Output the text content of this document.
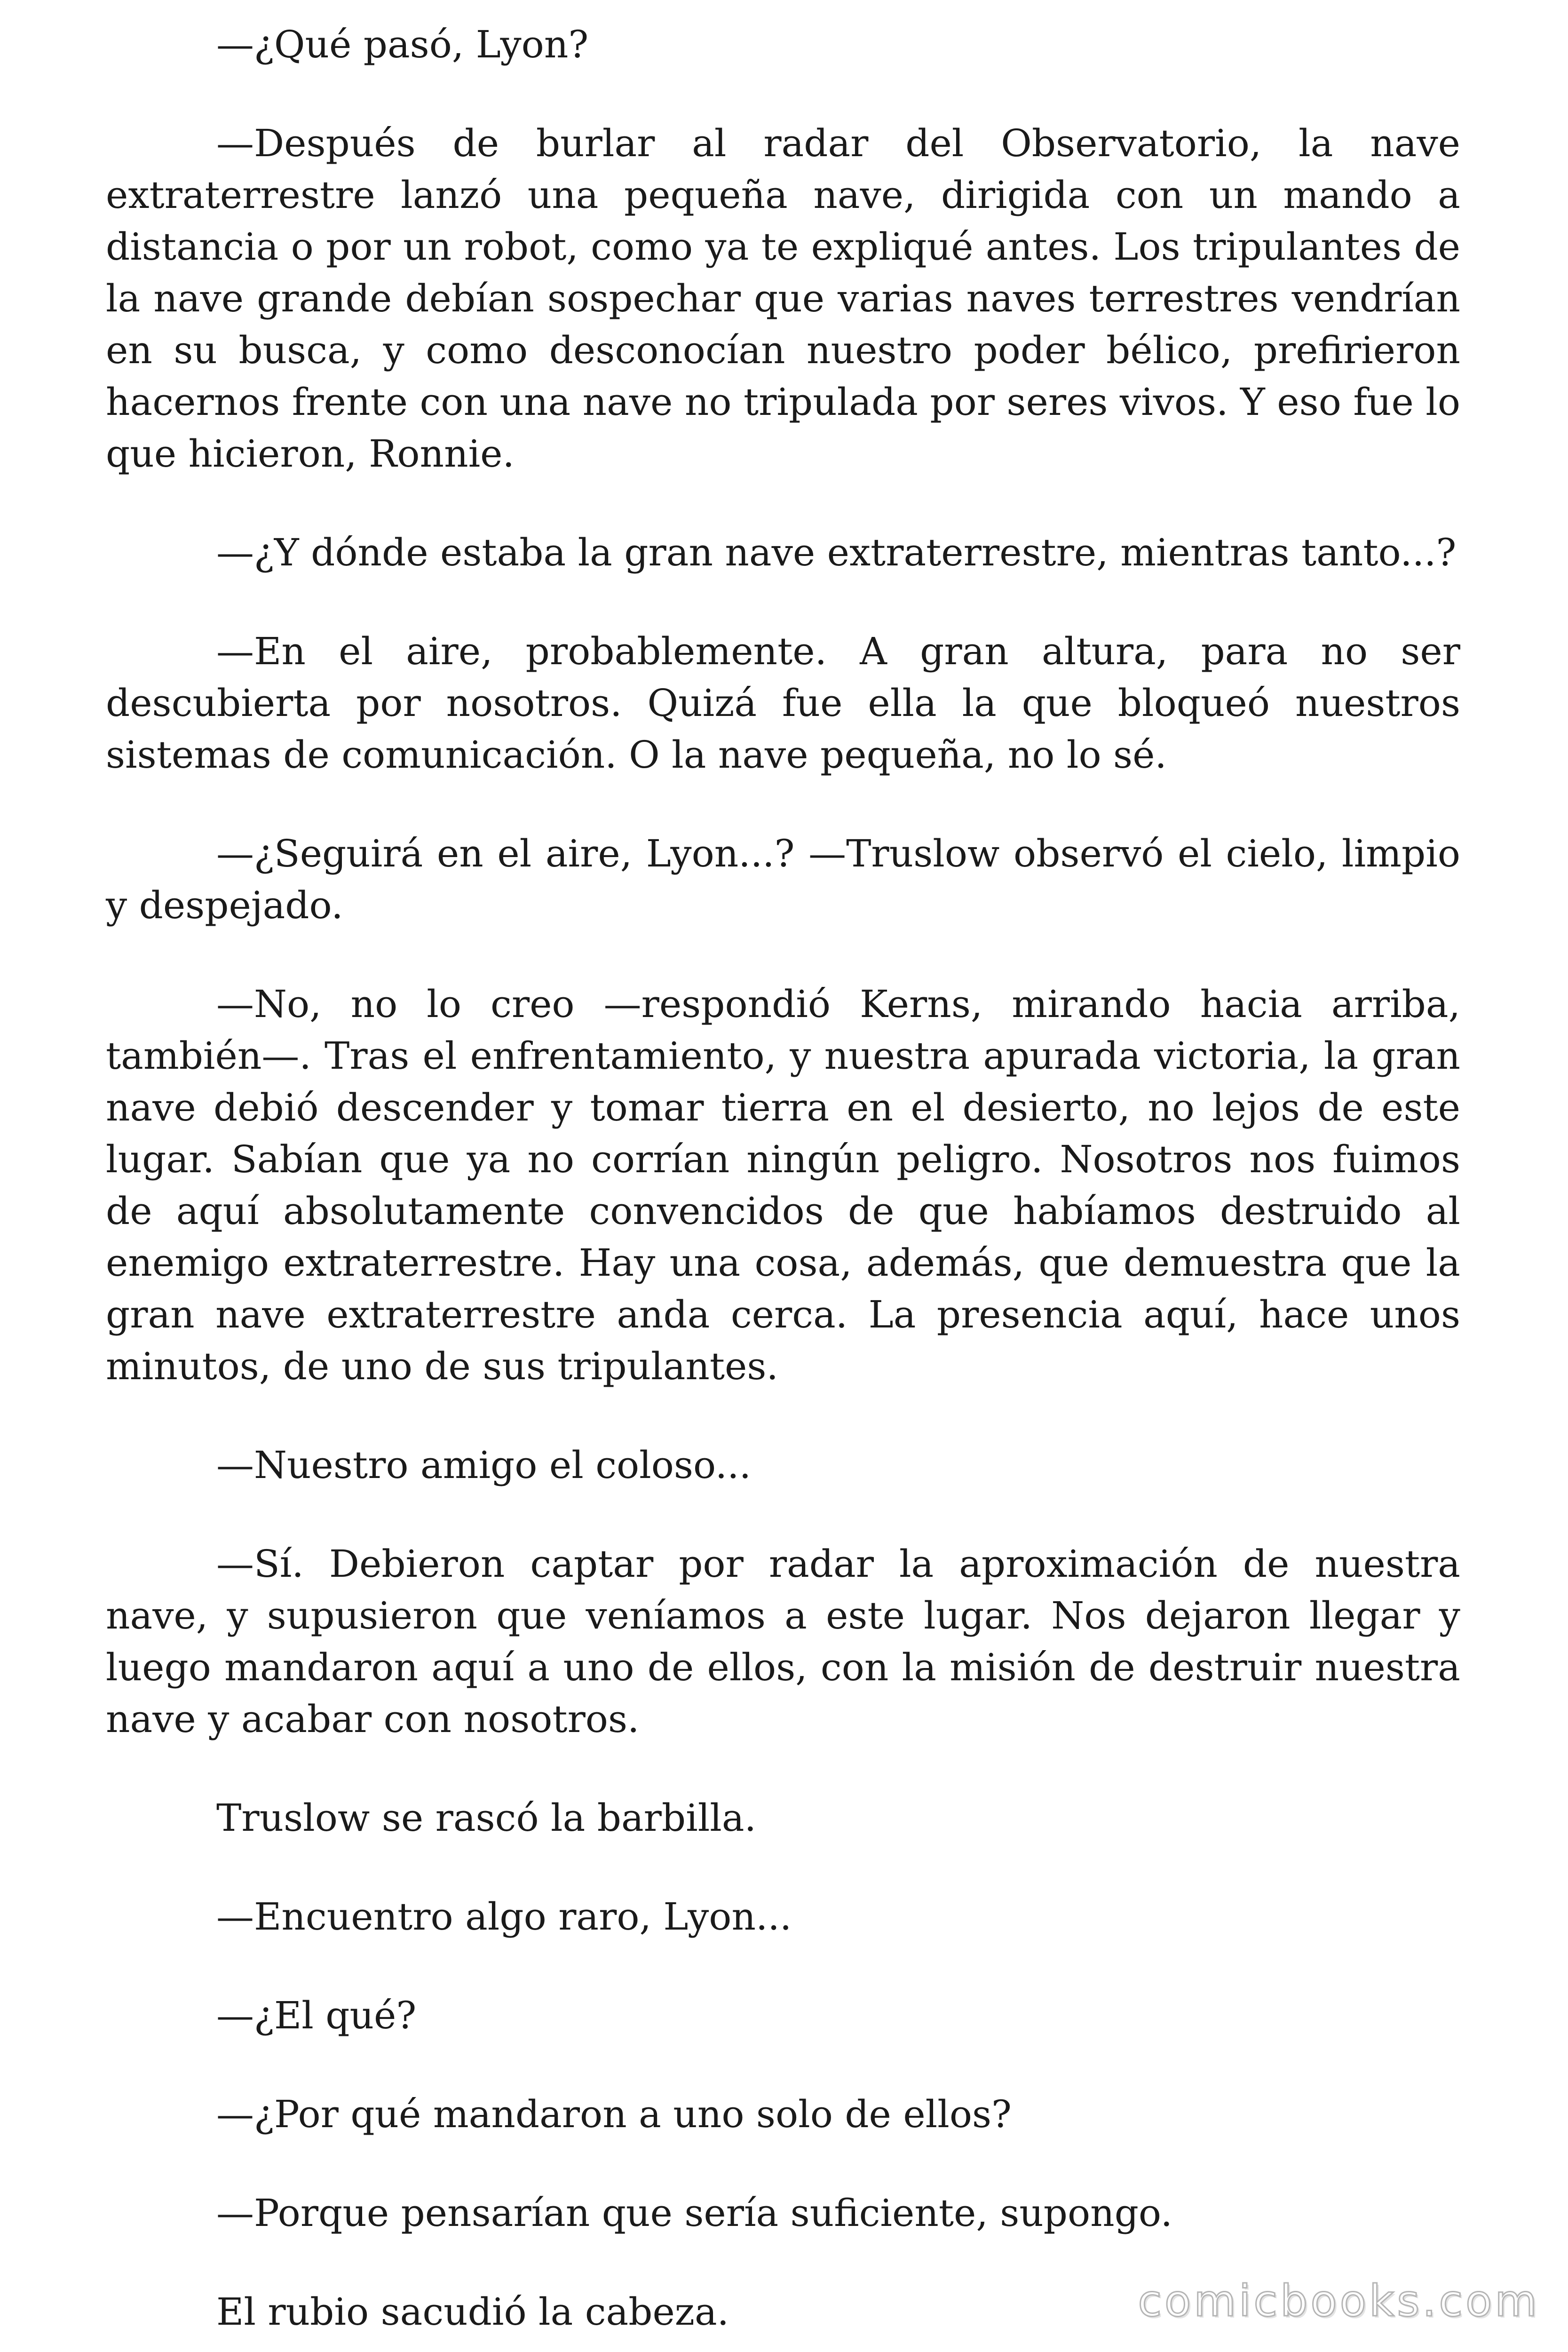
—¿Qué pasó, Lyon?

—Después de burlar al radar del Observatorio, la nave extraterrestre lanzó una pequeña nave, dirigida con un mando a distancia o por un robot, como ya te expliqué antes. Los tripulantes de la nave grande debían sospechar que varias naves terrestres vendrían en su busca, y como desconocían nuestro poder bélico, prefirieron hacernos frente con una nave no tripulada por seres vivos. Y eso fue lo que hicieron, Ronnie.

—¿Y dónde estaba la gran nave extraterrestre, mientras tanto...?

—En el aire, probablemente. A gran altura, para no ser descubierta por nosotros. Quizá fue ella la que bloqueó nuestros sistemas de comunicación. O la nave pequeña, no lo sé.

—¿Seguirá en el aire, Lyon...? —Truslow observó el cielo, limpio y despejado.

—No, no lo creo —respondió Kerns, mirando hacia arriba, también—. Tras el enfrentamiento, y nuestra apurada victoria, la gran nave debió descender y tomar tierra en el desierto, no lejos de este lugar. Sabían que ya no corrían ningún peligro. Nosotros nos fuimos de aquí absolutamente convencidos de que habíamos destruido al enemigo extraterrestre. Hay una cosa, además, que demuestra que la gran nave extraterrestre anda cerca. La presencia aquí, hace unos minutos, de uno de sus tripulantes.

—Nuestro amigo el coloso...

—Sí. Debieron captar por radar la aproximación de nuestra nave, y supusieron que veníamos a este lugar. Nos dejaron llegar y luego mandaron aquí a uno de ellos, con la misión de destruir nuestra nave y acabar con nosotros.

Truslow se rascó la barbilla.

—Encuentro algo raro, Lyon...

—¿El qué?

—¿Por qué mandaron a uno solo de ellos?

—Porque pensarían que sería suficiente, supongo.

El rubio sacudió la cabeza.	comicbooks.com
